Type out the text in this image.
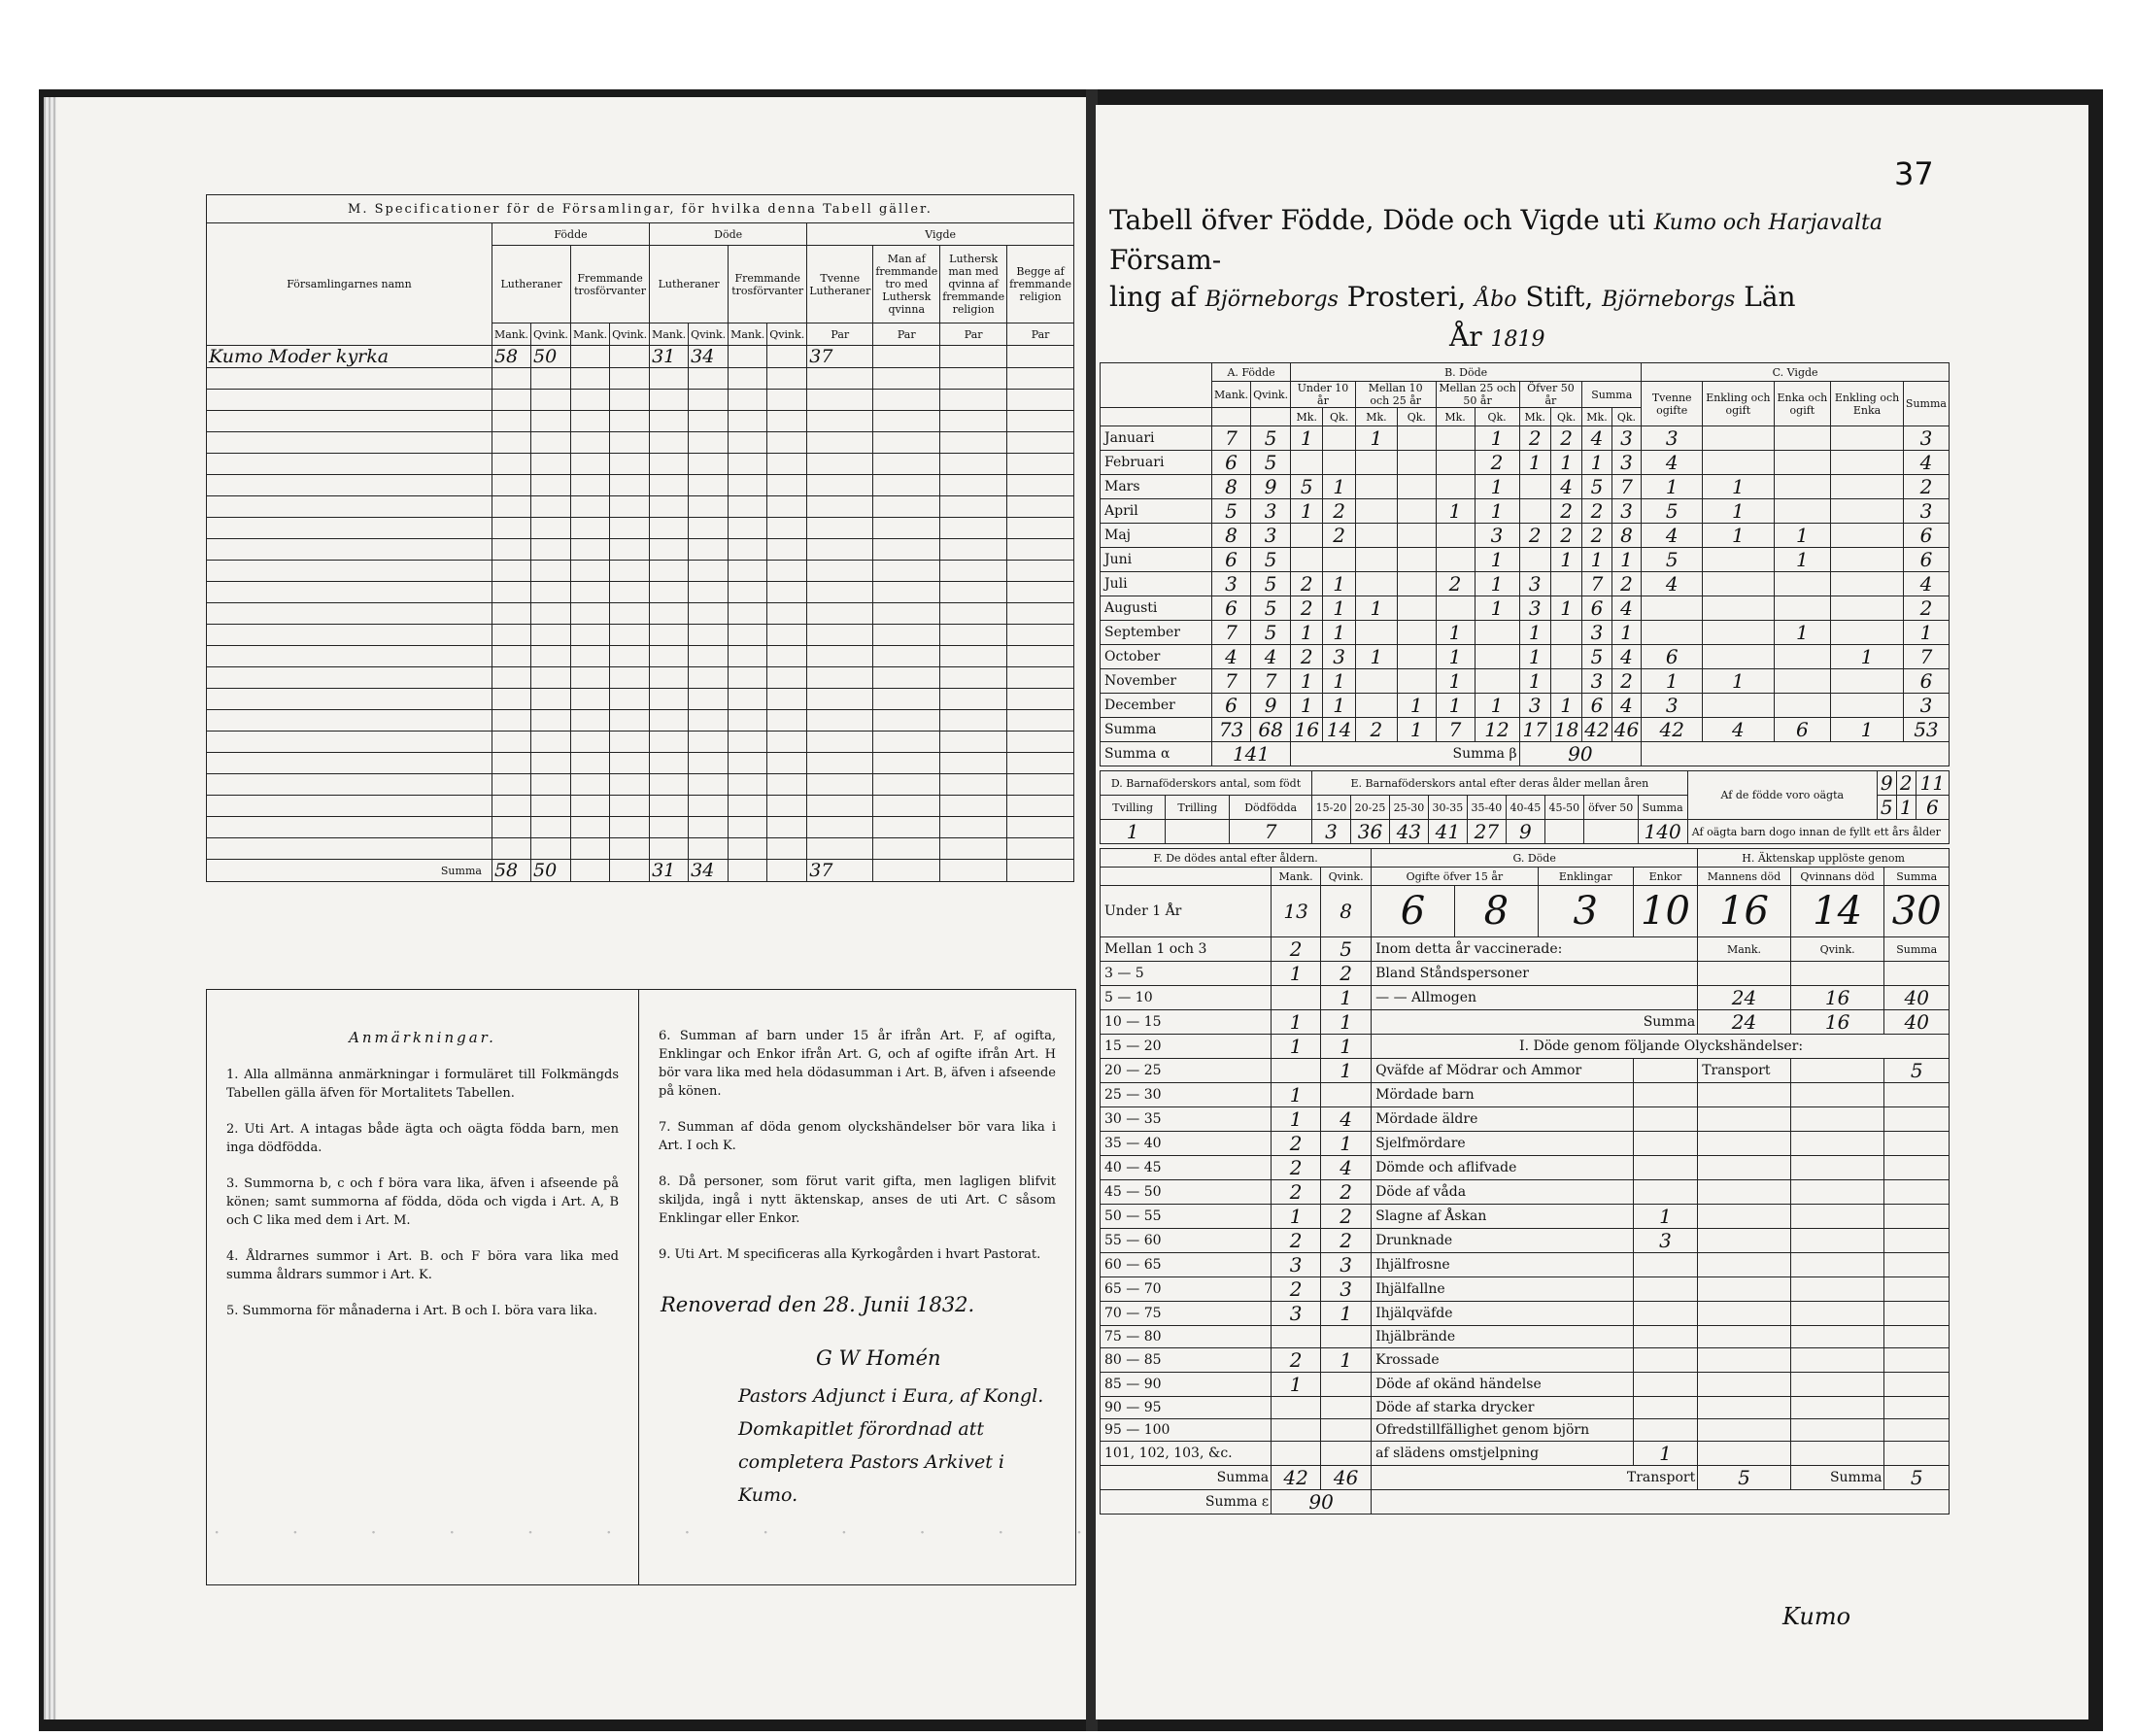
37
· · · · · · · · · · · ·
M. Specificationer för de Församlingar, för hvilka denna Tabell gäller.												
Församlingarnes namn	Födde				Döde				Vigde			
	Lutheraner		Fremmande trosförvanter		Lutheraner		Fremmande trosförvanter		Tvenne Lutheraner	Man af fremmande tro med Luthersk qvinna	Luthersk man med qvinna af fremmande religion	Begge af fremmande religion
	Mank.	Qvink.	Mank.	Qvink.	Mank.	Qvink.	Mank.	Qvink.	Par	Par	Par	Par
Kumo Moder kyrka	58	50			31	34			37			

Summa	58	50			31	34			37			
Anmärkningar.

1. Alla allmänna anmärkningar i formuläret till Folkmängds Tabellen gälla äfven för Mortalitets Tabellen.

2. Uti Art. A intagas både ägta och oägta födda barn, men inga dödfödda.

3. Summorna b, c och f böra vara lika, äfven i afseende på könen; samt summorna af födda, döda och vigda i Art. A, B och C lika med dem i Art. M.

4. Åldrarnes summor i Art. B. och F böra vara lika med summa åldrars summor i Art. K.

5. Summorna för månaderna i Art. B och I. böra vara lika.

6. Summan af barn under 15 år ifrån Art. F, af ogifta, Enklingar och Enkor ifrån Art. G, och af ogifte ifrån Art. H bör vara lika med hela dödasumman i Art. B, äfven i afseende på könen.

7. Summan af döda genom olyckshändelser bör vara lika i Art. I och K.

8. Då personer, som förut varit gifta, men lagligen blifvit skiljda, ingå i nytt äktenskap, anses de uti Art. C såsom Enklingar eller Enkor.

9. Uti Art. M specificeras alla Kyrkogården i hvart Pastorat.

Renoverad den 28. Junii 1832.
G W Homén
Pastors Adjunct i Eura, af Kongl. Domkapitlet förordnad att completera Pastors Arkivet i Kumo.
Tabell öfver Födde, Döde och Vigde uti Kumo och Harjavalta Försam-
ling af Björneborgs Prosteri, Åbo Stift, Björneborgs Län
År 1819
	A. Födde		B. Döde										C. Vigde				
	Mank.	Qvink.	Under 10 år		Mellan 10 och 25 år		Mellan 25 och 50 år		Öfver 50 år		Summa		Tvenne ogifte	Enkling och ogift	Enka och ogift	Enkling och Enka	Summa
			Mk.	Qk.	Mk.	Qk.	Mk.	Qk.	Mk.	Qk.	Mk.	Qk.					
Januari	7	5	1		1			1	2	2	4	3	3				3
Februari	6	5						2	1	1	1	3	4				4
Mars	8	9	5	1				1		4	5	7	1	1			2
April	5	3	1	2			1	1		2	2	3	5	1			3
Maj	8	3		2				3	2	2	2	8	4	1	1		6
Juni	6	5						1		1	1	1	5		1		6
Juli	3	5	2	1			2	1	3		7	2	4				4
Augusti	6	5	2	1	1			1	3	1	6	4					2
September	7	5	1	1			1		1		3	1			1		1
October	4	4	2	3	1		1		1		5	4	6			1	7
November	7	7	1	1			1		1		3	2	1	1			6
December	6	9	1	1		1	1	1	3	1	6	4	3				3
Summa	73	68	16	14	2	1	7	12	17	18	42	46	42	4	6	1	53
Summa α	141		Summa β						90								
D. Barnaföderskors antal, som födt			E. Barnaföderskors antal efter deras ålder mellan åren									Af de födde voro oägta	9	2	11
Tvilling	Trilling	Dödfödda	15-20	20-25	25-30	30-35	35-40	40-45	45-50	öfver 50	Summa		5	1	6
1		7	3	36	43	41	27	9			140	Af oägta barn dogo innan de fyllt ett års ålder			
F. De dödes antal efter åldern.			G. Döde				H. Äktenskap upplöste genom		
	Mank.	Qvink.	Ogifte öfver 15 år		Enklingar	Enkor	Mannens död	Qvinnans död	Summa
Under 1 År	13	8	6	8	3	10	16	14	30
Mellan 1 och 3	2	5	Inom detta år vaccinerade:				Mank.	Qvink.	Summa
3 — 5	1	2	Bland Ståndspersoner						
5 — 10		1	— — Allmogen				24	16	40
10 — 15	1	1	Summa				24	16	40
15 — 20	1	1	I. Döde genom följande Olyckshändelser:						
20 — 25		1	Qväfde af Mödrar och Ammor				Transport		5
25 — 30	1		Mördade barn						
30 — 35	1	4	Mördade äldre						
35 — 40	2	1	Sjelfmördare						
40 — 45	2	4	Dömde och aflifvade						
45 — 50	2	2	Döde af våda						
50 — 55	1	2	Slagne af Åskan			1			
55 — 60	2	2	Drunknade			3			
60 — 65	3	3	Ihjälfrosne						
65 — 70	2	3	Ihjälfallne						
70 — 75	3	1	Ihjälqväfde						
75 — 80			Ihjälbrände						
80 — 85	2	1	Krossade						
85 — 90	1		Döde af okänd händelse						
90 — 95			Döde af starka drycker						
95 — 100			Ofredstillfällighet genom björn						
101, 102, 103, &c.			af slädens omstjelpning			1			
Summa	42	46	Transport				5	Summa	5
Summa ε	90								
Kumo
